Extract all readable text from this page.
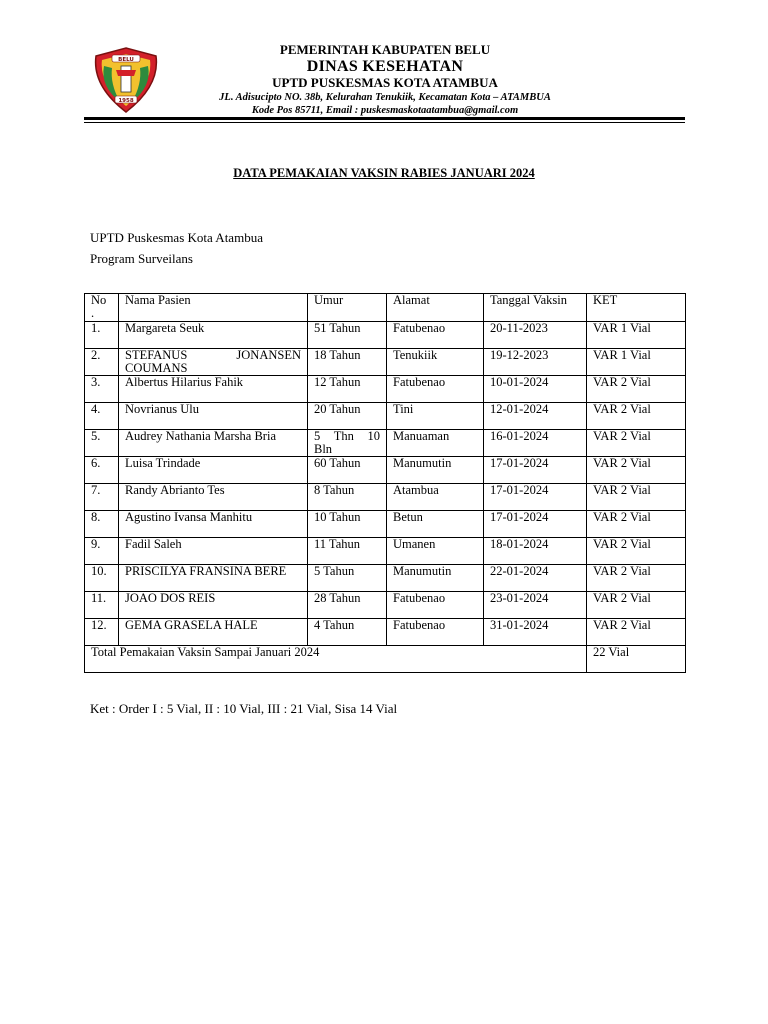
BELU
1958
PEMERINTAH KABUPATEN BELU
DINAS KESEHATAN
UPTD PUSKESMAS KOTA ATAMBUA
JL. Adisucipto NO. 38b, Kelurahan Tenukiik, Kecamatan Kota – ATAMBUA
Kode Pos 85711, Email : puskesmaskotaatambua@gmail.com
DATA PEMAKAIAN VAKSIN RABIES JANUARI 2024
UPTD Puskesmas Kota Atambua
Program Surveilans
No .	Nama Pasien	Umur	Alamat	Tanggal Vaksin	KET
1.	Margareta Seuk	51 Tahun	Fatubenao	20-11-2023	VAR 1 Vial
2.	STEFANUS JONANSEN COUMANS	18 Tahun	Tenukiik	19-12-2023	VAR 1 Vial
3.	Albertus Hilarius Fahik	12 Tahun	Fatubenao	10-01-2024	VAR 2 Vial
4.	Novrianus Ulu	20 Tahun	Tini	12-01-2024	VAR 2 Vial
5.	Audrey Nathania Marsha Bria	5 Thn 10 Bln	Manuaman	16-01-2024	VAR 2 Vial
6.	Luisa Trindade	60 Tahun	Manumutin	17-01-2024	VAR 2 Vial
7.	Randy Abrianto Tes	8 Tahun	Atambua	17-01-2024	VAR 2 Vial
8.	Agustino Ivansa Manhitu	10 Tahun	Betun	17-01-2024	VAR 2 Vial
9.	Fadil Saleh	11 Tahun	Umanen	18-01-2024	VAR 2 Vial
10.	PRISCILYA FRANSINA BERE	5 Tahun	Manumutin	22-01-2024	VAR 2 Vial
11.	JOAO DOS REIS	28 Tahun	Fatubenao	23-01-2024	VAR 2 Vial
12.	GEMA GRASELA HALE	4 Tahun	Fatubenao	31-01-2024	VAR 2 Vial
Total Pemakaian Vaksin Sampai Januari 2024					22 Vial
Ket : Order I : 5 Vial, II : 10 Vial, III : 21 Vial, Sisa 14 Vial
